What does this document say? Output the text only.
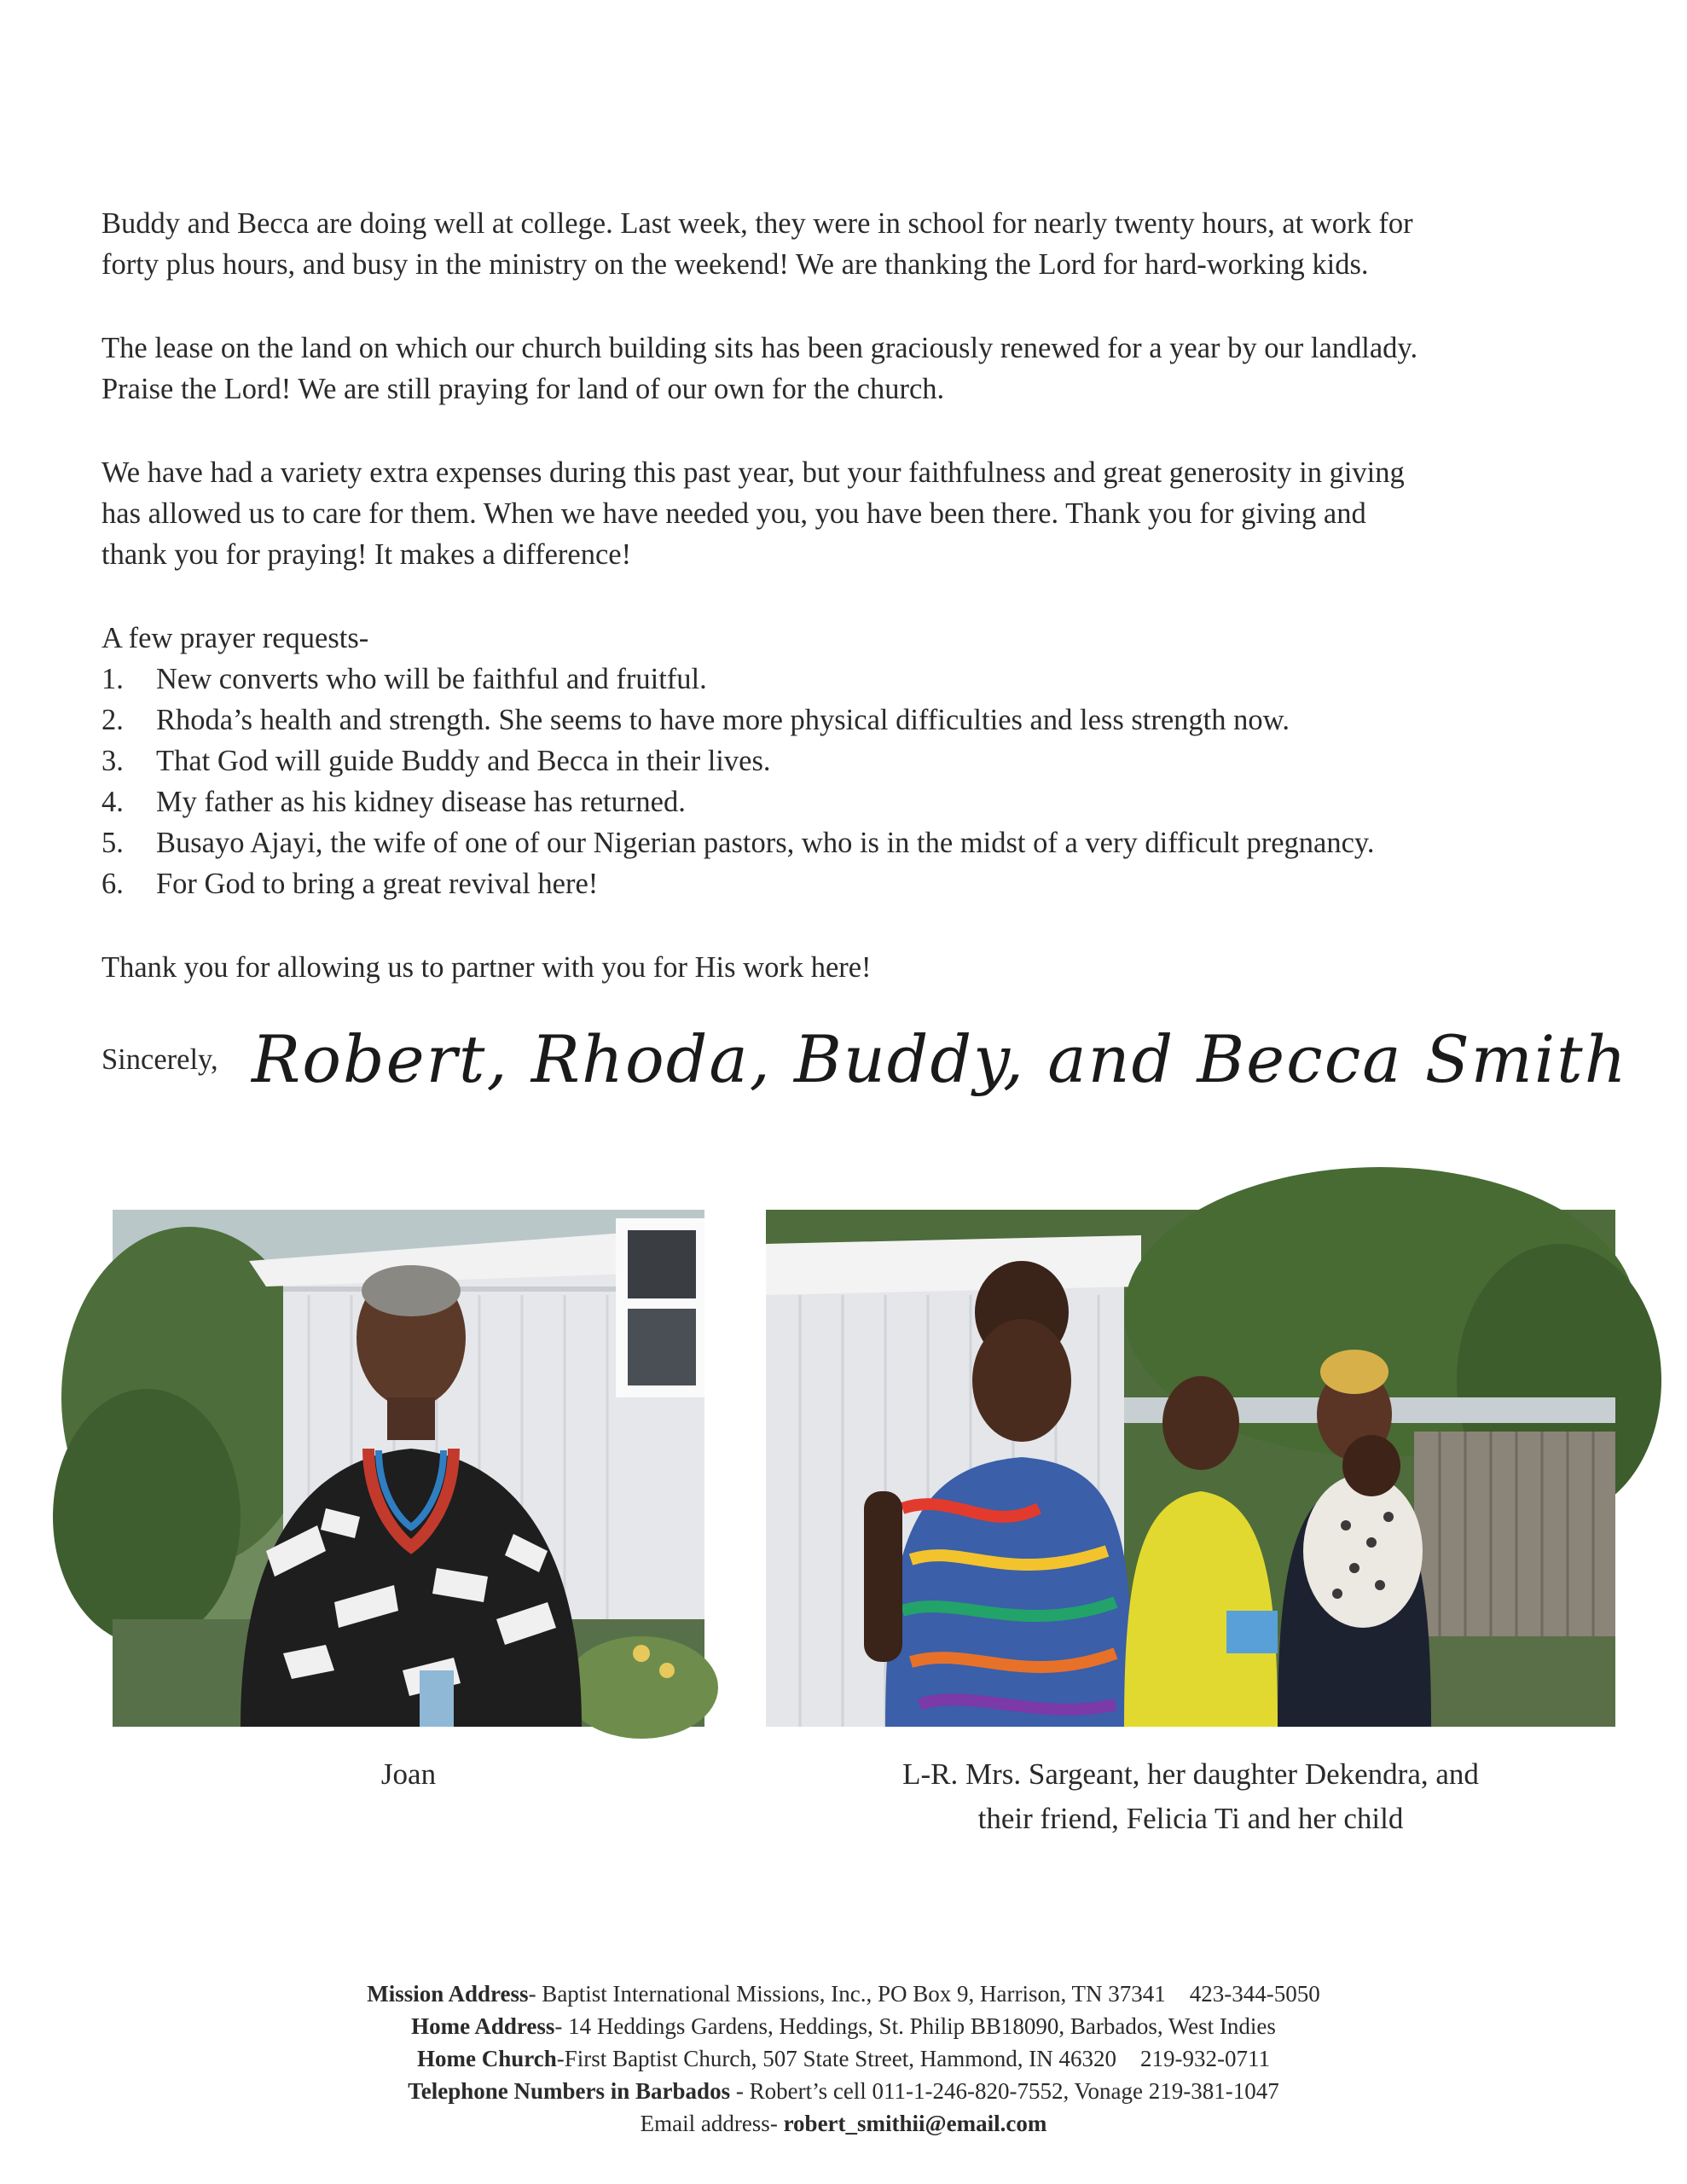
Buddy and Becca are doing well at college. Last week, they were in school for nearly twenty hours, at work for
forty plus hours, and busy in the ministry on the weekend! We are thanking the Lord for hard-working kids.

The lease on the land on which our church building sits has been graciously renewed for a year by our landlady.
Praise the Lord! We are still praying for land of our own for the church.

We have had a variety extra expenses during this past year, but your faithfulness and great generosity in giving
has allowed us to care for them. When we have needed you, you have been there. Thank you for giving and
thank you for praying! It makes a difference!

A few prayer requests-

1. New converts who will be faithful and fruitful.
2. Rhoda’s health and strength. She seems to have more physical difficulties and less strength now.
3. That God will guide Buddy and Becca in their lives.
4. My father as his kidney disease has returned.
5. Busayo Ajayi, the wife of one of our Nigerian pastors, who is in the midst of a very difficult pregnancy.
6. For God to bring a great revival here!

Thank you for allowing us to partner with you for His work here!

Sincerely, Robert, Rhoda, Buddy, and Becca Smith
Joan	L-R. Mrs. Sargeant, her daughter Dekendra, and
their friend, Felicia Ti and her child
Mission Address- Baptist International Missions, Inc., PO Box 9, Harrison, TN 37341 423-344-5050
Home Address- 14 Heddings Gardens, Heddings, St. Philip BB18090, Barbados, West Indies
Home Church-First Baptist Church, 507 State Street, Hammond, IN 46320 219-932-0711
Telephone Numbers in Barbados - Robert’s cell 011-1-246-820-7552, Vonage 219-381-1047
Email address- robert_smithii@email.com
